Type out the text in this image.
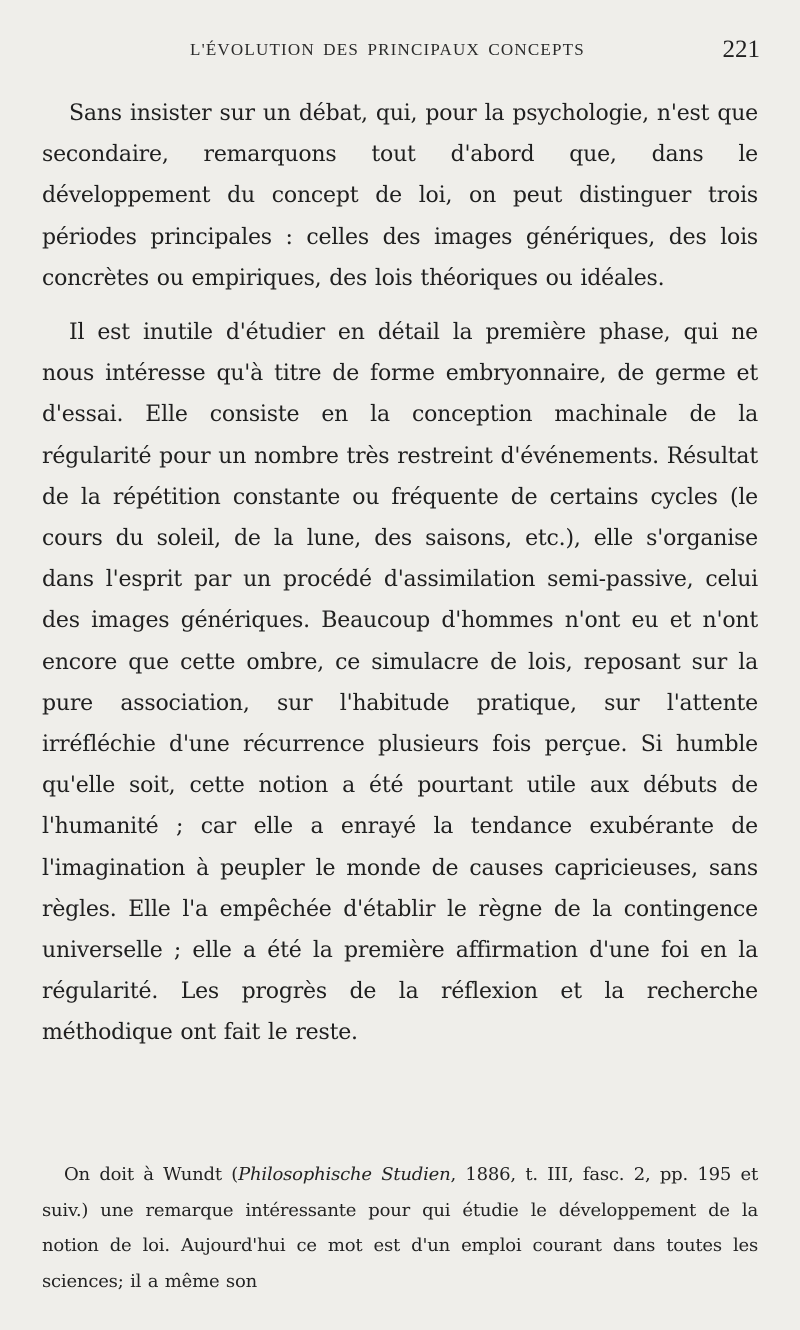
L'ÉVOLUTION DES PRINCIPAUX CONCEPTS	221

Sans insister sur un débat, qui, pour la psychologie, n'est que secondaire, remarquons tout d'abord que, dans le développement du concept de loi, on peut distinguer trois périodes principales : celles des images génériques, des lois concrètes ou empiriques, des lois théoriques ou idéales.

Il est inutile d'étudier en détail la première phase, qui ne nous intéresse qu'à titre de forme embryonnaire, de germe et d'essai. Elle consiste en la conception machinale de la régularité pour un nombre très restreint d'événements. Résultat de la répétition constante ou fréquente de certains cycles (le cours du soleil, de la lune, des saisons, etc.), elle s'organise dans l'esprit par un procédé d'assimilation semi-passive, celui des images génériques. Beaucoup d'hommes n'ont eu et n'ont encore que cette ombre, ce simulacre de lois, reposant sur la pure association, sur l'habitude pratique, sur l'attente irréfléchie d'une récurrence plusieurs fois perçue. Si humble qu'elle soit, cette notion a été pourtant utile aux débuts de l'humanité ; car elle a enrayé la tendance exubérante de l'imagination à peupler le monde de causes capricieuses, sans règles. Elle l'a empêchée d'établir le règne de la contingence universelle ; elle a été la première affirmation d'une foi en la régularité. Les progrès de la réflexion et la recherche méthodique ont fait le reste.

On doit à Wundt (Philosophische Studien, 1886, t. III, fasc. 2, pp. 195 et suiv.) une remarque intéressante pour qui étudie le développement de la notion de loi. Aujourd'hui ce mot est d'un emploi courant dans toutes les sciences; il a même son
